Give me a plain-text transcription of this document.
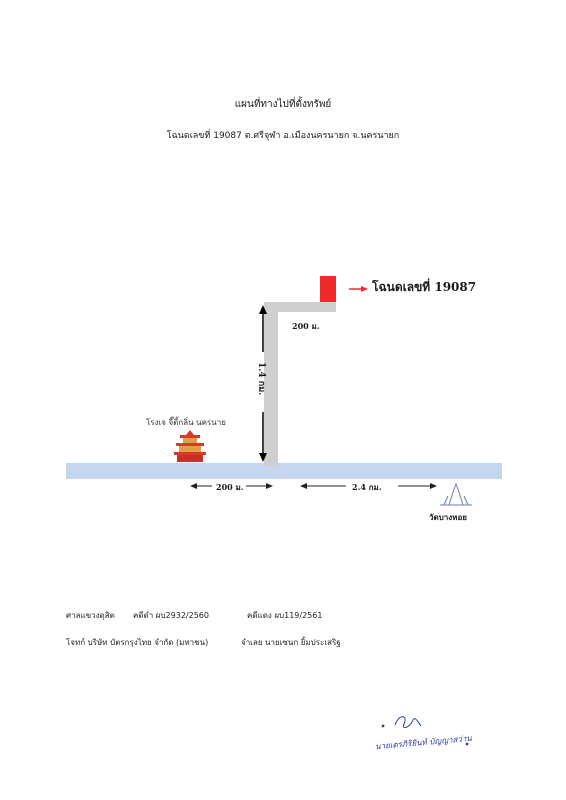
แผนที่ทางไปที่ตั้งทรัพย์
โฉนดเลขที่ 19087 ต.ศรีจุฬา อ.เมืองนครนายก จ.นครนายก
โฉนดเลขที่ 19087
200 ม.
1.4 กม.
โรงเจ จี๊ตี้กลิ่น นครนาย
200 ม.	2.4 กม.
วัดบางหอย
ศาลแขวงดุสิต คดีดำ ผบ2932/2560	คดีแดง ผบ119/2561
โจทก์ บริษัท บัตรกรุงไทย จำกัด (มหาชน)	จำเลย นายเซนก ยิ้มประเสริฐ
นายเตรภิริยินท์ บัญญาสว่าน
